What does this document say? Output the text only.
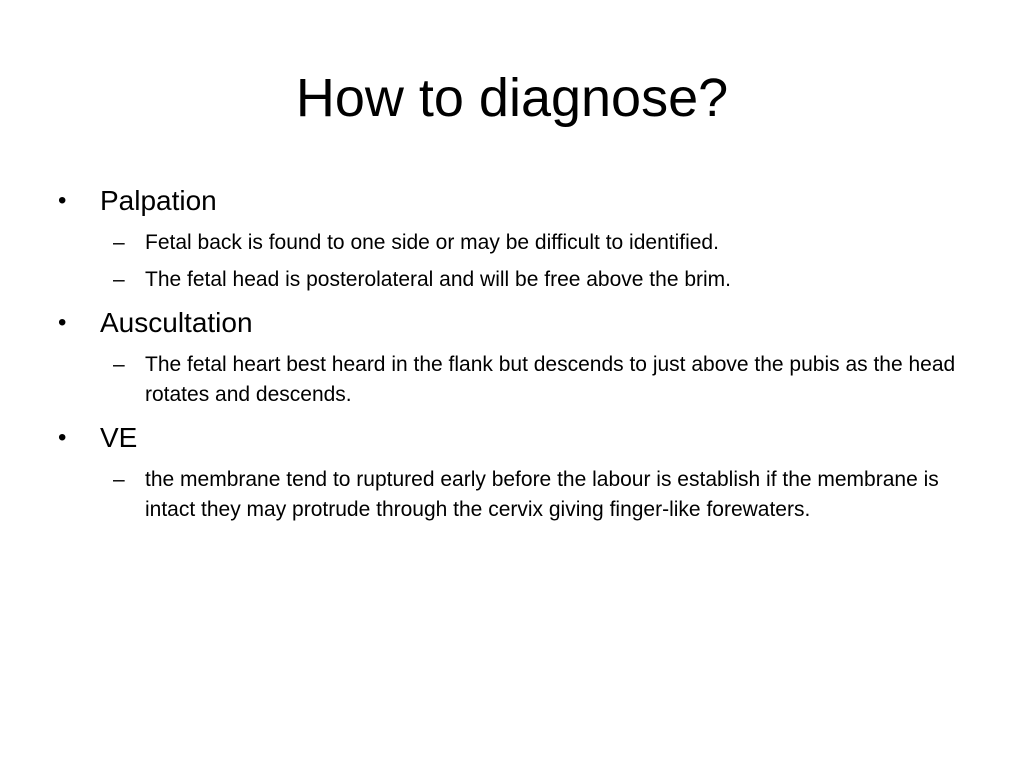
How to diagnose?
•	Palpation
– Fetal back is found to one side or may be difficult to identified.
– The fetal head is posterolateral and will be free above the brim.
•	Auscultation
– The fetal heart best heard in the flank but descends to just above the pubis as the head rotates and descends.
•	VE
– the membrane tend to ruptured early before the labour is establish if the membrane is intact they may protrude through the cervix giving finger-like forewaters.
